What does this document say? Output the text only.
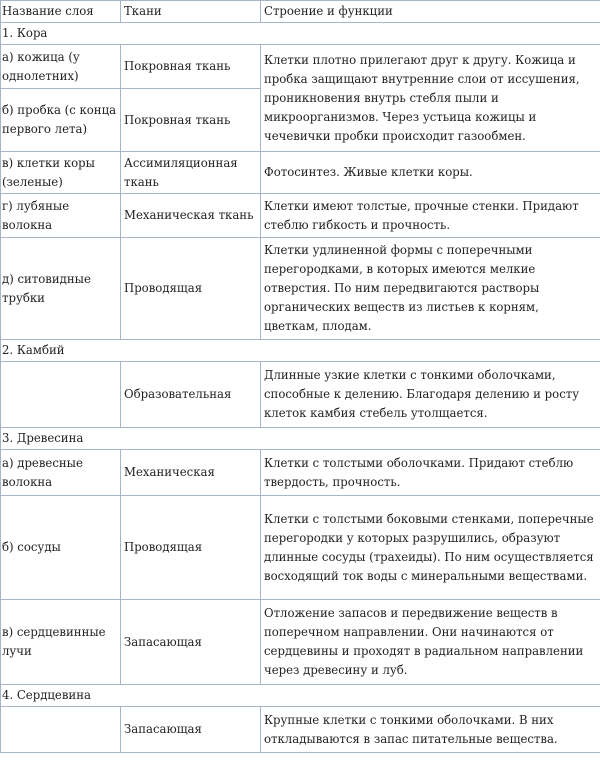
Название слоя	Ткани	Строение и функции
1. Кора		
а) кожица (у однолетних)	Покровная ткань	Клетки плотно прилегают друг к другу. Кожица и пробка защищают внутренние слои от иссушения, проникновения внутрь стебля пыли и микроорганизмов. Через устьица кожицы и чечевички пробки происходит газообмен.
б) пробка (с конца первого лета)	Покровная ткань	
в) клетки коры (зеленые)	Ассимиляционная ткань	Фотосинтез. Живые клетки коры.
г) лубяные волокна	Механическая ткань	Клетки имеют толстые, прочные стенки. Придают стеблю гибкость и прочность.
д) ситовидные трубки	Проводящая	Клетки удлиненной формы с поперечными перегородками, в которых имеются мелкие отверстия. По ним передвигаются растворы органических веществ из листьев к корням, цветкам, плодам.
2. Камбий		
	Образовательная	Длинные узкие клетки с тонкими оболочками, способные к делению. Благодаря делению и росту клеток камбия стебель утолщается.
3. Древесина		
а) древесные волокна	Механическая	Клетки с толстыми оболочками. Придают стеблю твердость, прочность.
б) сосуды	Проводящая	Клетки с толстыми боковыми стенками, поперечные перегородки у которых разрушились, образуют длинные сосуды (трахеиды). По ним осуществляется восходящий ток воды с минеральными веществами.
в) сердцевинные лучи	Запасающая	Отложение запасов и передвижение веществ в поперечном направлении. Они начинаются от сердцевины и проходят в радиальном направлении через древесину и луб.
4. Сердцевина		
	Запасающая	Крупные клетки с тонкими оболочками. В них откладываются в запас питательные вещества.
